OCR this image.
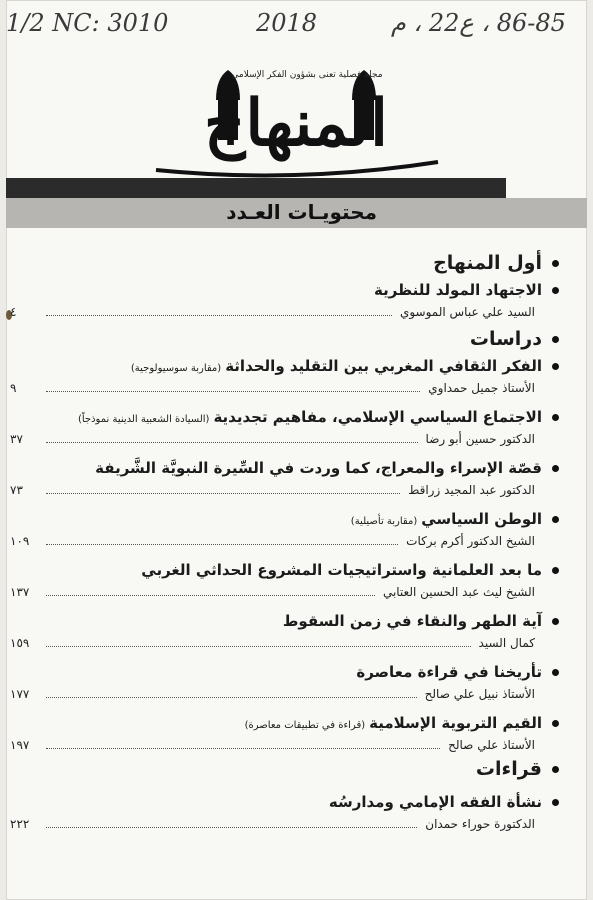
1/2 NC: 3010	2018	86-85 ، ع22 ، م
مجلة فصلية تعنى بشؤون الفكر الإسلامي
المنهاج
محتويـات العـدد
أول المنهاج
الاجتهاد المولد للنظرية
السيد علي عباس الموسوي
٤
دراسات
الفكر الثقافي المغربي بين التقليد والحداثة(مقاربة سوسيولوجية)
الأستاذ جميل حمداوي
٩
الاجتماع السياسي الإسلامي، مفاهيم تجديدية(السيادة الشعبية الدينية نموذجاً)
الدكتور حسين أبو رضا
٣٧
قصّة الإسراء والمعراج، كما وردت في السِّيرة النبويَّة الشَّريفة
الدكتور عبد المجيد زراقط
٧٣
الوطن السياسي(مقاربة تأصيلية)
الشيخ الدكتور أكرم بركات
١٠٩
ما بعد العلمانية واستراتيجيات المشروع الحداثي الغربي
الشيخ ليث عبد الحسين العتابي
١٣٧
آية الطهر والنقاء في زمن السقوط
كمال السيد
١٥٩
تأريخنا في قراءة معاصرة
الأستاذ نبيل علي صالح
١٧٧
القيم التربوية الإسلامية(قراءة في تطبيقات معاصرة)
الأستاذ علي صالح
١٩٧
قراءات
نشأة الفقه الإمامي ومدارسُه
الدكتورة حوراء حمدان
٢٢٢
